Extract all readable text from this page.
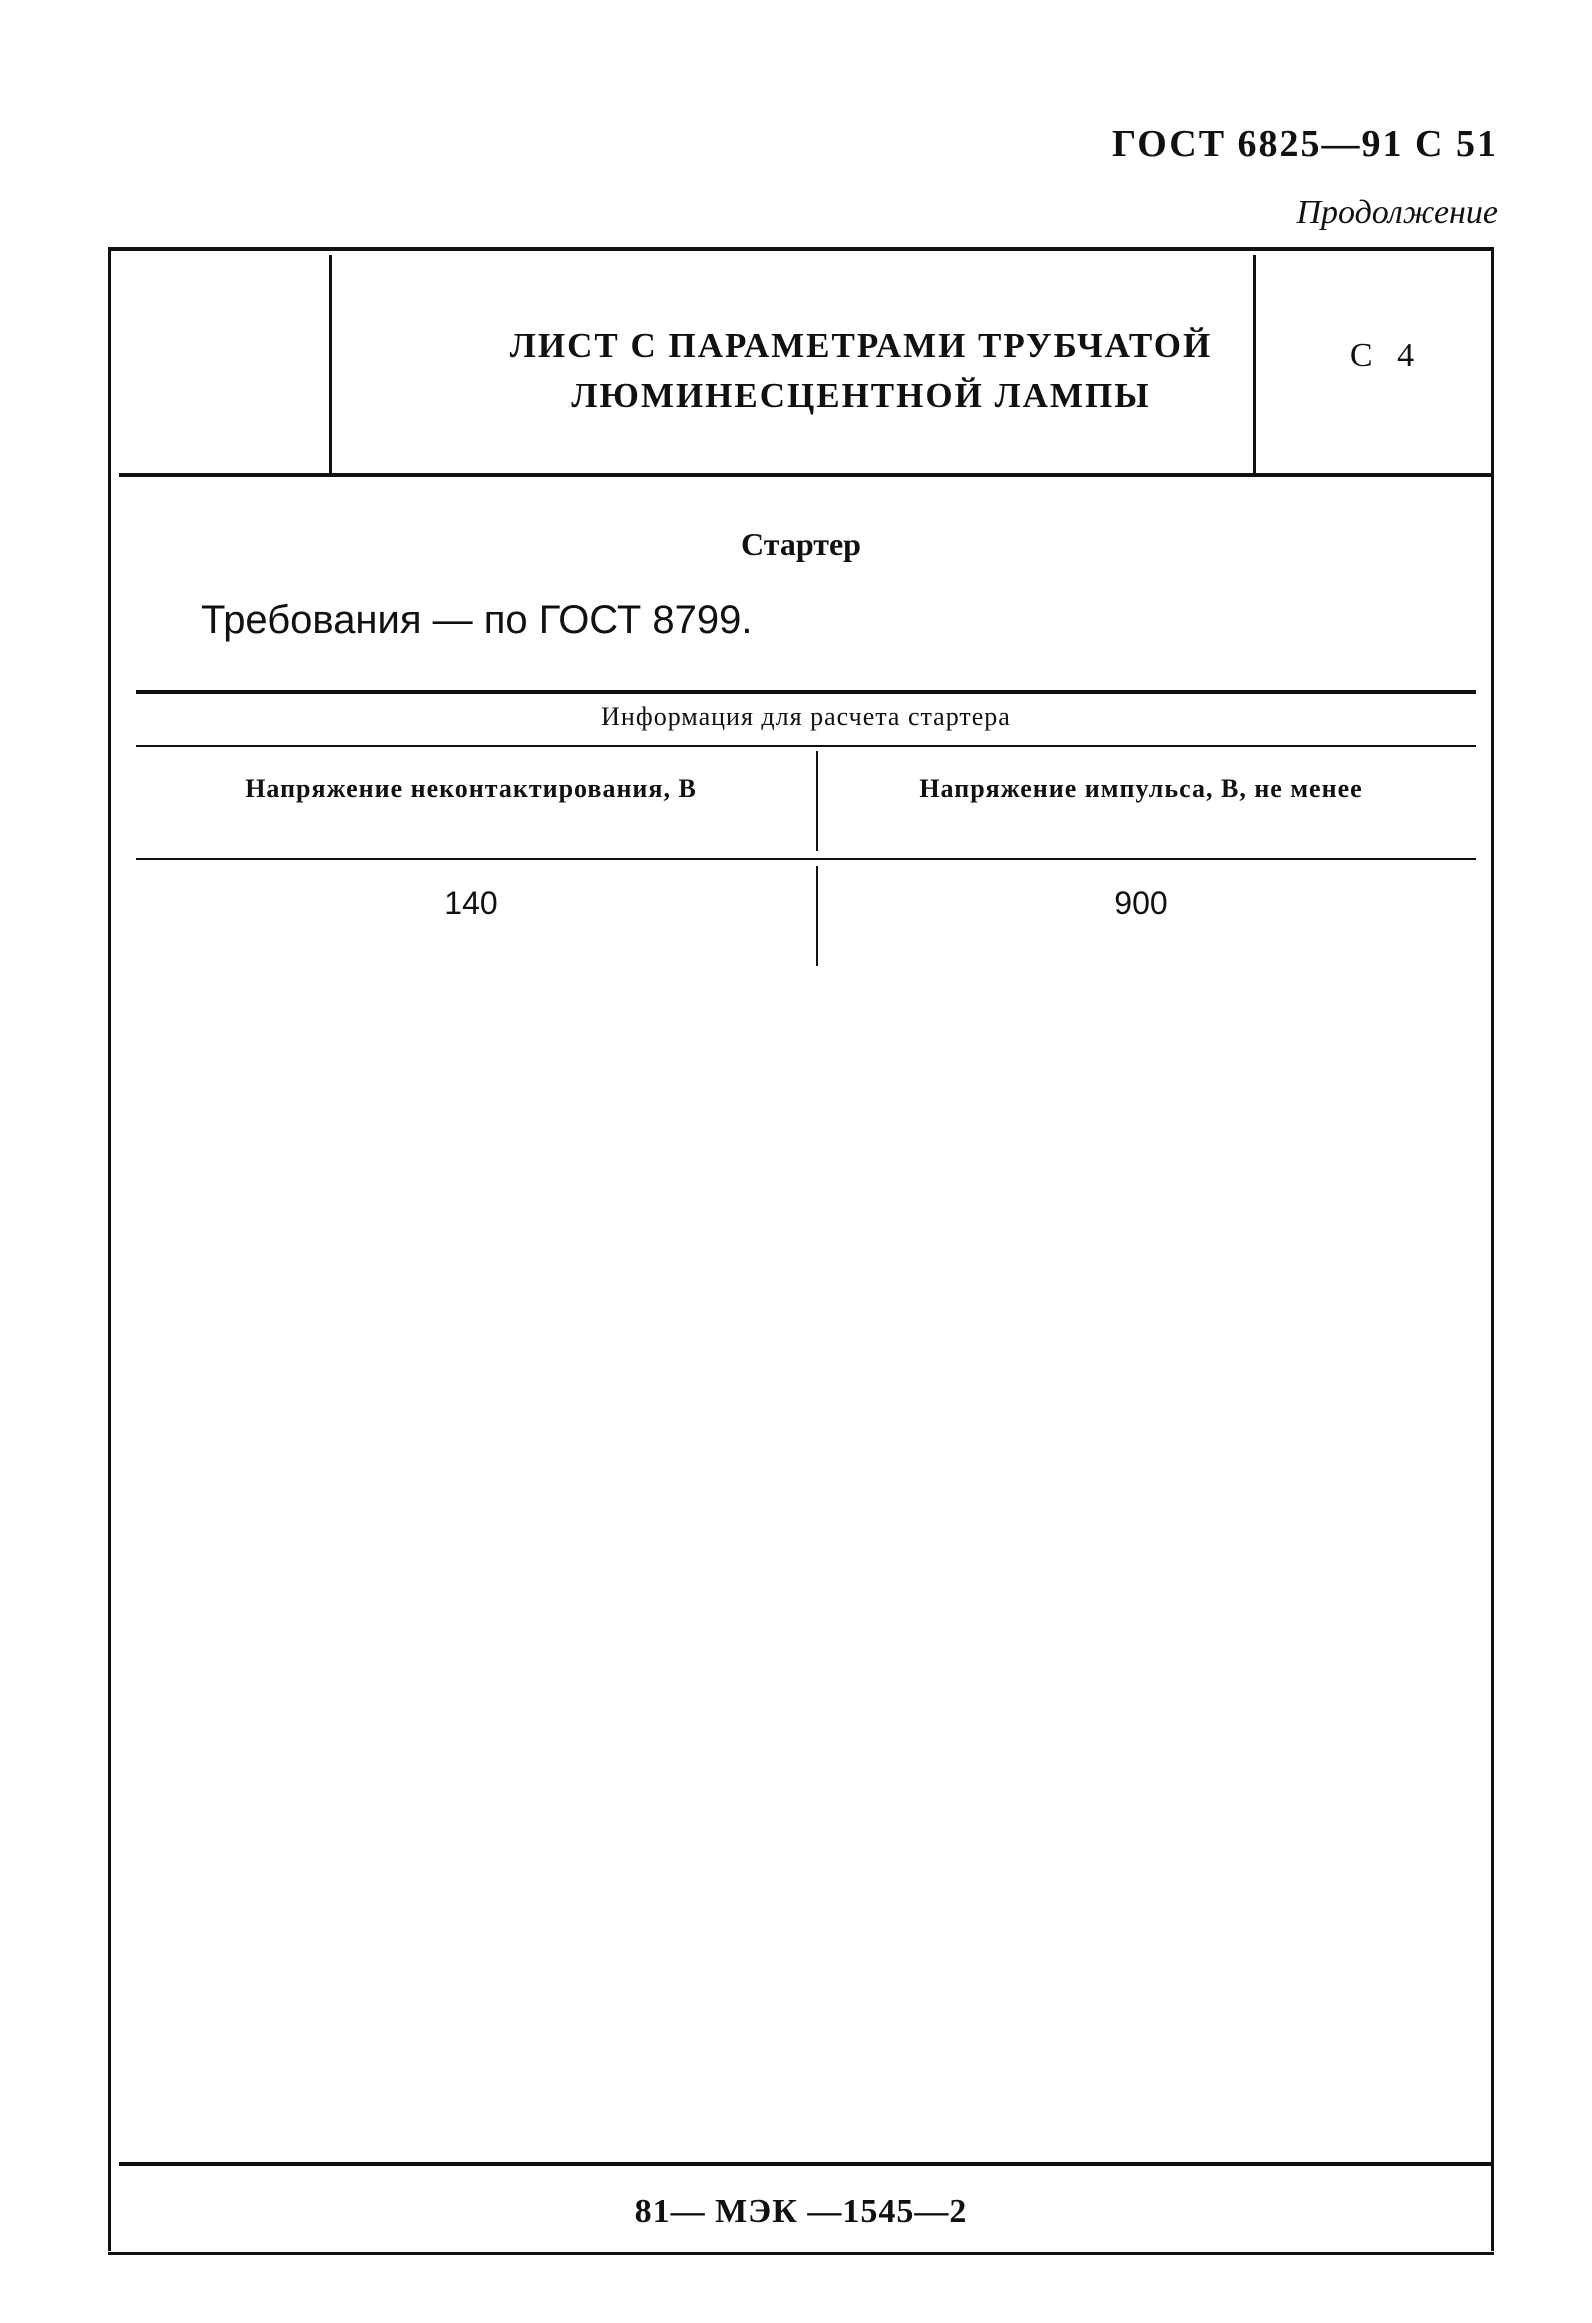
ГОСТ 6825—91 С 51
Продолжение
ЛИСТ С ПАРАМЕТРАМИ ТРУБЧАТОЙ
ЛЮМИНЕСЦЕНТНОЙ ЛАМПЫ
С 4
Стартер
Требования — по ГОСТ 8799.
Информация для расчета стартера
Напряжение неконтактирования, В	Напряжение импульса, В, не менее
140	900
81— МЭК —1545—2
